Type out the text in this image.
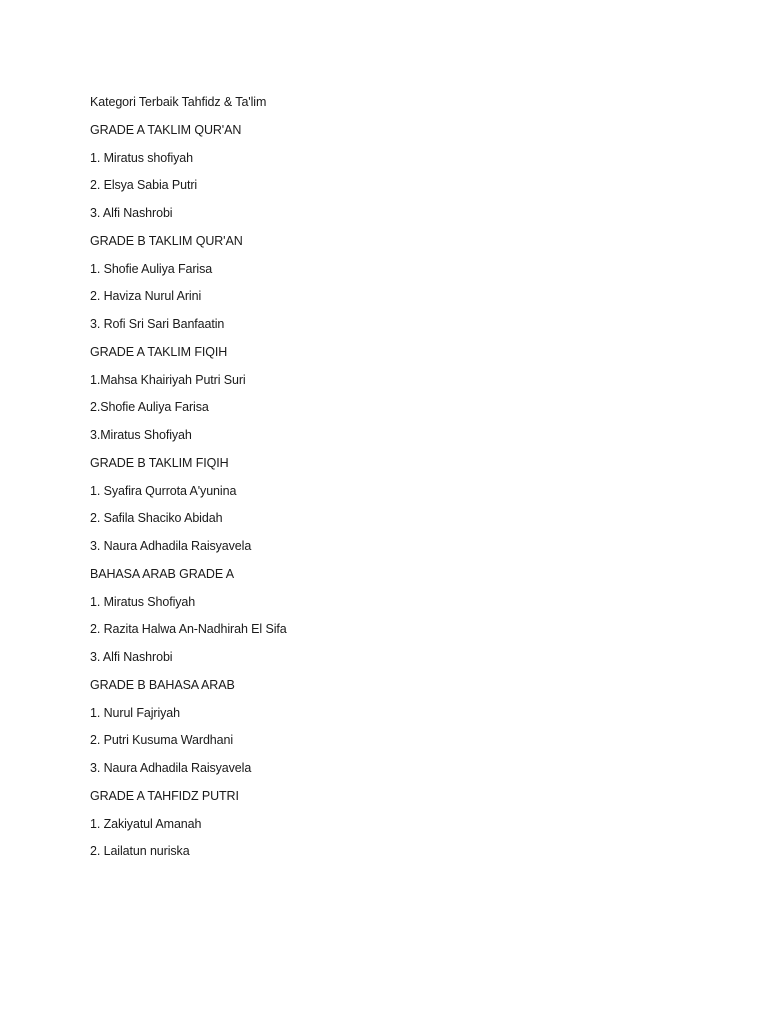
Kategori Terbaik Tahfidz & Ta'lim
GRADE A TAKLIM QUR'AN
1. Miratus shofiyah
2. Elsya Sabia Putri
3. Alfi Nashrobi
GRADE B TAKLIM QUR'AN
1. Shofie Auliya Farisa
2. Haviza Nurul Arini
3. Rofi Sri Sari Banfaatin
GRADE A TAKLIM FIQIH
1.Mahsa Khairiyah Putri Suri
2.Shofie Auliya Farisa
3.Miratus Shofiyah
GRADE B TAKLIM FIQIH
1. Syafira Qurrota A'yunina
2. Safila Shaciko Abidah
3. Naura Adhadila Raisyavela
BAHASA ARAB GRADE A
1. Miratus Shofiyah
2. Razita Halwa An-Nadhirah El Sifa
3. Alfi Nashrobi
GRADE B BAHASA ARAB
1. Nurul Fajriyah
2. Putri Kusuma Wardhani
3. Naura Adhadila Raisyavela
GRADE A TAHFIDZ PUTRI
1. Zakiyatul Amanah
2. Lailatun nuriska
